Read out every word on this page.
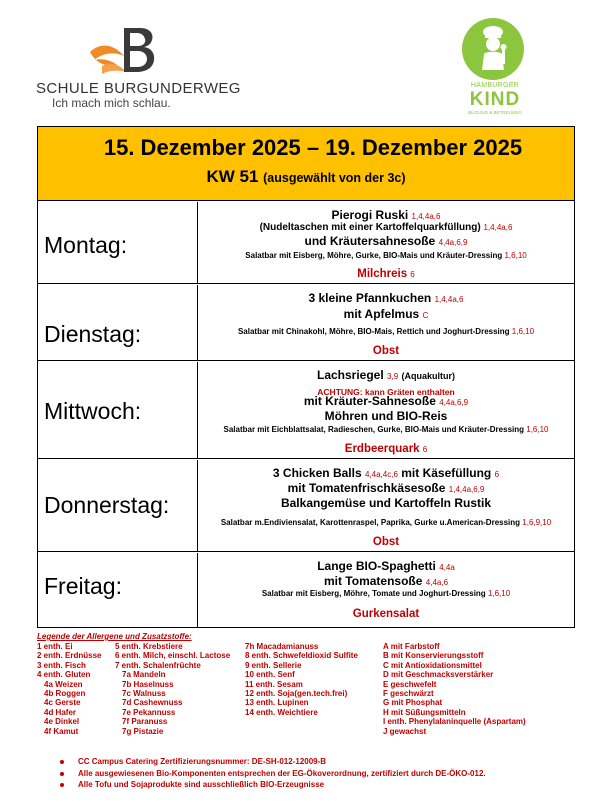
SCHULE BURGUNDERWEG
Ich mach mich schlau.
HAMBURGER
KIND
BILDUNG & BETREUUNG
15. Dezember 2025 – 19. Dezember 2025
KW 51 (ausgewählt von der 3c)
Montag:
Pierogi Ruski 1,4,4a,6
(Nudeltaschen mit einer Kartoffelquarkfüllung) 1,4,4a,6
und Kräutersahnesoße 4,4a,6,9
Salatbar mit Eisberg, Möhre, Gurke, BIO-Mais und Kräuter-Dressing 1,6,10
Milchreis 6
Dienstag:
3 kleine Pfannkuchen 1,4,4a,6
mit Apfelmus C
Salatbar mit Chinakohl, Möhre, BIO-Mais, Rettich und Joghurt-Dressing 1,6,10
Obst
Mittwoch:
Lachsriegel 3,9 (Aquakultur)
ACHTUNG: kann Gräten enthalten
mit Kräuter-Sahnesoße 4,4a,6,9
Möhren und BIO-Reis
Salatbar mit Eichblattsalat, Radieschen, Gurke, BIO-Mais und Kräuter-Dressing 1,6,10
Erdbeerquark 6
Donnerstag:
3 Chicken Balls 4,4a,4c,6 mit Käsefüllung 6
mit Tomatenfrischkäsesoße 1,4,4a,6,9
Balkangemüse und Kartoffeln Rustik
Salatbar m.Endiviensalat, Karottenraspel, Paprika, Gurke u.American-Dressing 1,6,9,10
Obst
Freitag:
Lange BIO-Spaghetti 4,4a
mit Tomatensoße 4,4a,6
Salatbar mit Eisberg, Möhre, Tomate und Joghurt-Dressing 1,6,10
Gurkensalat
Legende der Allergene und Zusatzstoffe:
1 enth. Ei
2 enth. Erdnüsse
3 enth. Fisch
4 enth. Gluten
4a Weizen
4b Roggen
4c Gerste
4d Hafer
4e Dinkel
4f Kamut
5 enth. Krebstiere
6 enth. Milch, einschl. Lactose
7 enth. Schalenfrüchte
7a Mandeln
7b Haselnuss
7c Walnuss
7d Cashewnuss
7e Pekannuss
7f Paranuss
7g Pistazie
7h Macadamianuss
8 enth. Schwefeldioxid Sulfite
9 enth. Sellerie
10 enth. Senf
11 enth. Sesam
12 enth. Soja(gen.tech.frei)
13 enth. Lupinen
14 enth. Weichtiere
A mit Farbstoff
B mit Konservierungsstoff
C mit Antioxidationsmittel
D mit Geschmacksverstärker
E geschwefelt
F geschwärzt
G mit Phosphat
H mit Süßungsmitteln
I enth. Phenylalaninquelle (Aspartam)
J gewachst
CC Campus Catering Zertifizierungsnummer: DE-SH-012-12009-B
Alle ausgewiesenen Bio-Komponenten entsprechen der EG-Ökoverordnung, zertifiziert durch DE-ÖKO-012.
Alle Tofu und Sojaprodukte sind ausschließlich BIO-Erzeugnisse
